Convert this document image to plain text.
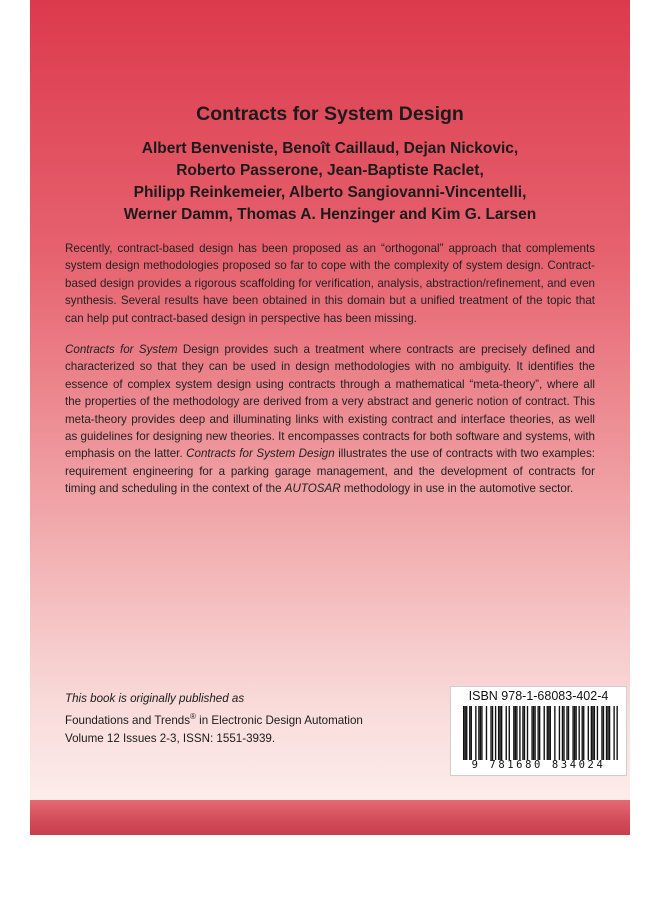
Contracts for System Design
Albert Benveniste, Benoît Caillaud, Dejan Nickovic,
Roberto Passerone, Jean-Baptiste Raclet,
Philipp Reinkemeier, Alberto Sangiovanni-Vincentelli,
Werner Damm, Thomas A. Henzinger and Kim G. Larsen

Recently, contract-based design has been proposed as an “orthogonal” approach that complements system design methodologies proposed so far to cope with the complexity of system design. Contract-based design provides a rigorous scaffolding for verification, analysis, abstraction/refinement, and even synthesis. Several results have been obtained in this domain but a unified treatment of the topic that can help put contract-based design in perspective has been missing.

Contracts for System Design provides such a treatment where contracts are precisely defined and characterized so that they can be used in design methodologies with no ambiguity. It identifies the essence of complex system design using contracts through a mathematical “meta-theory”, where all the properties of the methodology are derived from a very abstract and generic notion of contract. This meta-theory provides deep and illuminating links with existing contract and interface theories, as well as guidelines for designing new theories. It encompasses contracts for both software and systems, with emphasis on the latter. Contracts for System Design illustrates the use of contracts with two examples: requirement engineering for a parking garage management, and the development of contracts for timing and scheduling in the context of the AUTOSAR methodology in use in the automotive sector.

This book is originally published as
Foundations and Trends® in Electronic Design Automation
Volume 12 Issues 2-3, ISSN: 1551-3939.
ISBN 978-1-68083-402-4
9 781680 834024
